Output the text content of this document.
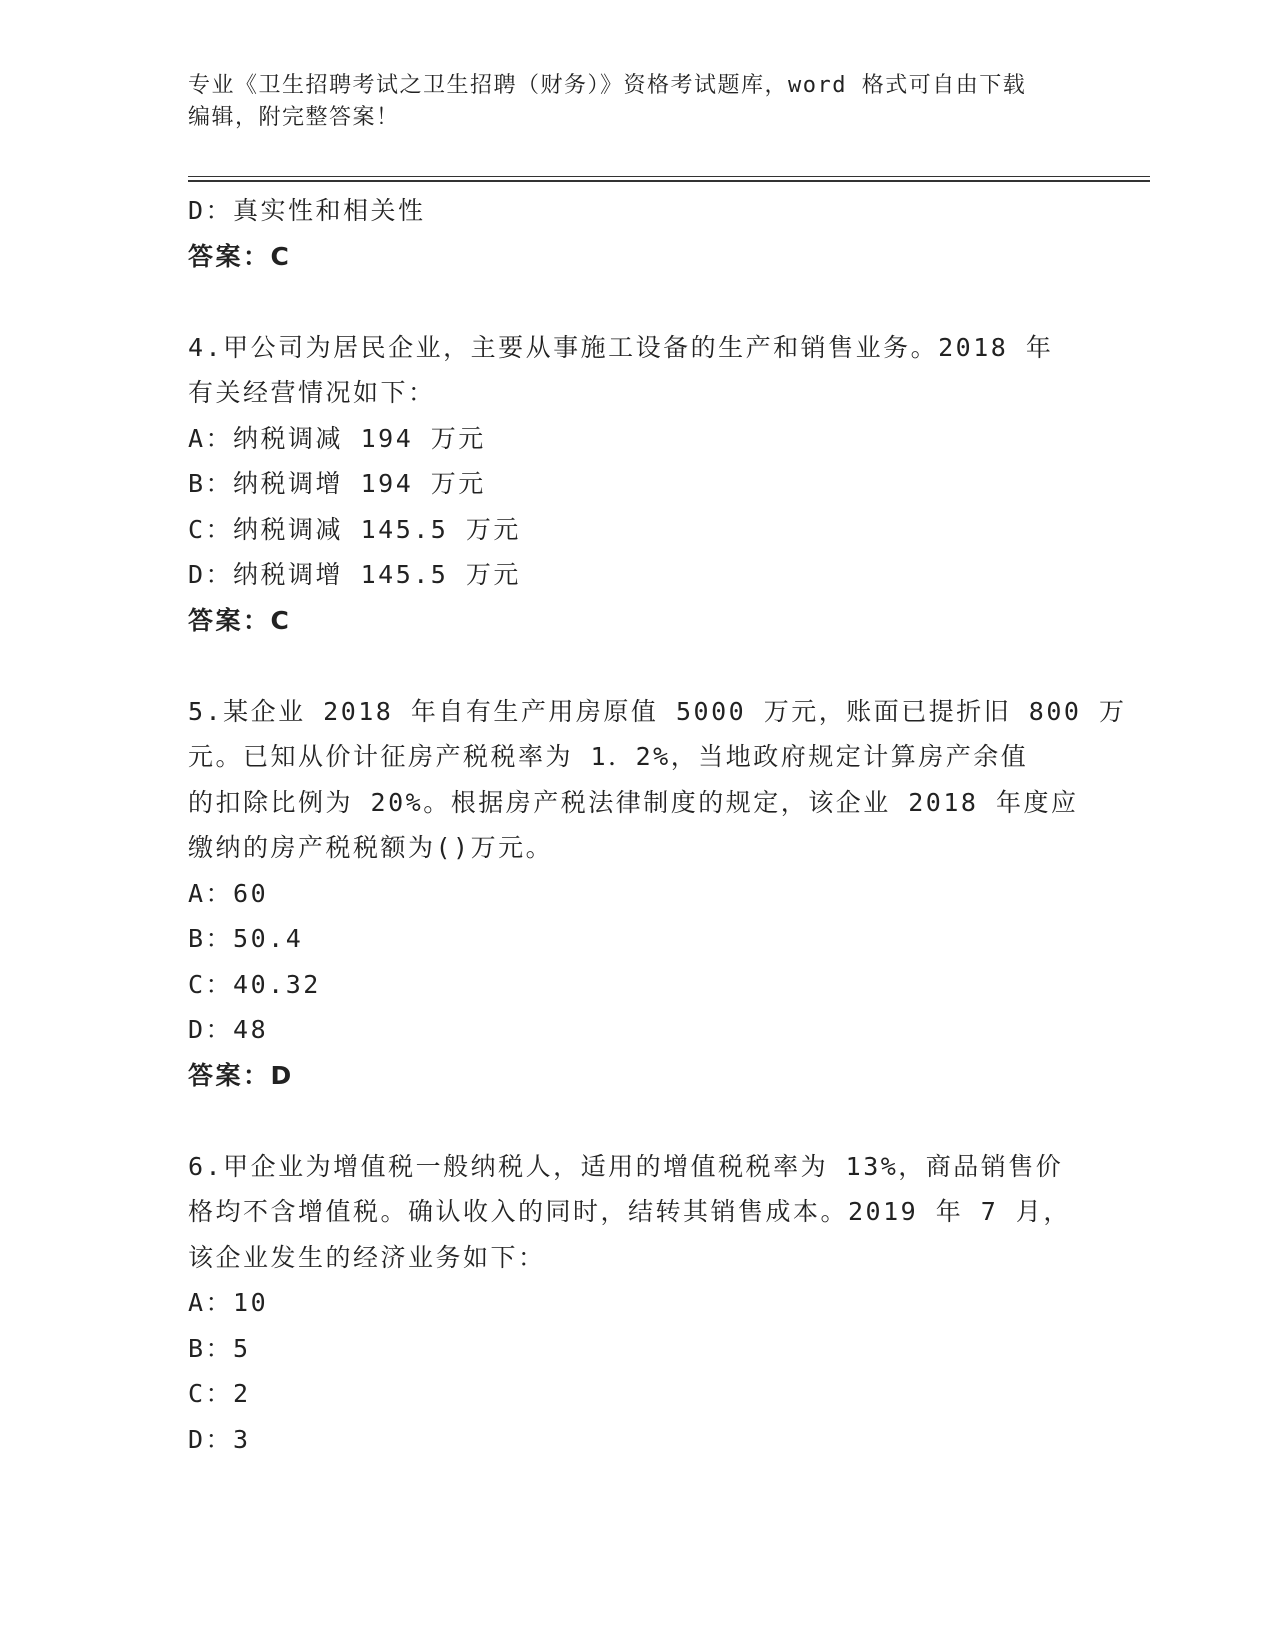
专业《卫生招聘考试之卫生招聘（财务）》资格考试题库，word 格式可自由下载
编辑，附完整答案！
D：真实性和相关性
答案：C
4.甲公司为居民企业，主要从事施工设备的生产和销售业务。2018 年
有关经营情况如下：
A：纳税调减 194 万元
B：纳税调增 194 万元
C：纳税调减 145.5 万元
D：纳税调增 145.5 万元
答案：C
5.某企业 2018 年自有生产用房原值 5000 万元，账面已提折旧 800 万
元。已知从价计征房产税税率为 1．2%，当地政府规定计算房产余值
的扣除比例为 20%。根据房产税法律制度的规定，该企业 2018 年度应
缴纳的房产税税额为()万元。
A：60
B：50.4
C：40.32
D：48
答案：D
6.甲企业为增值税一般纳税人，适用的增值税税率为 13%，商品销售价
格均不含增值税。确认收入的同时，结转其销售成本。2019 年 7 月，
该企业发生的经济业务如下：
A：10
B：5
C：2
D：3
